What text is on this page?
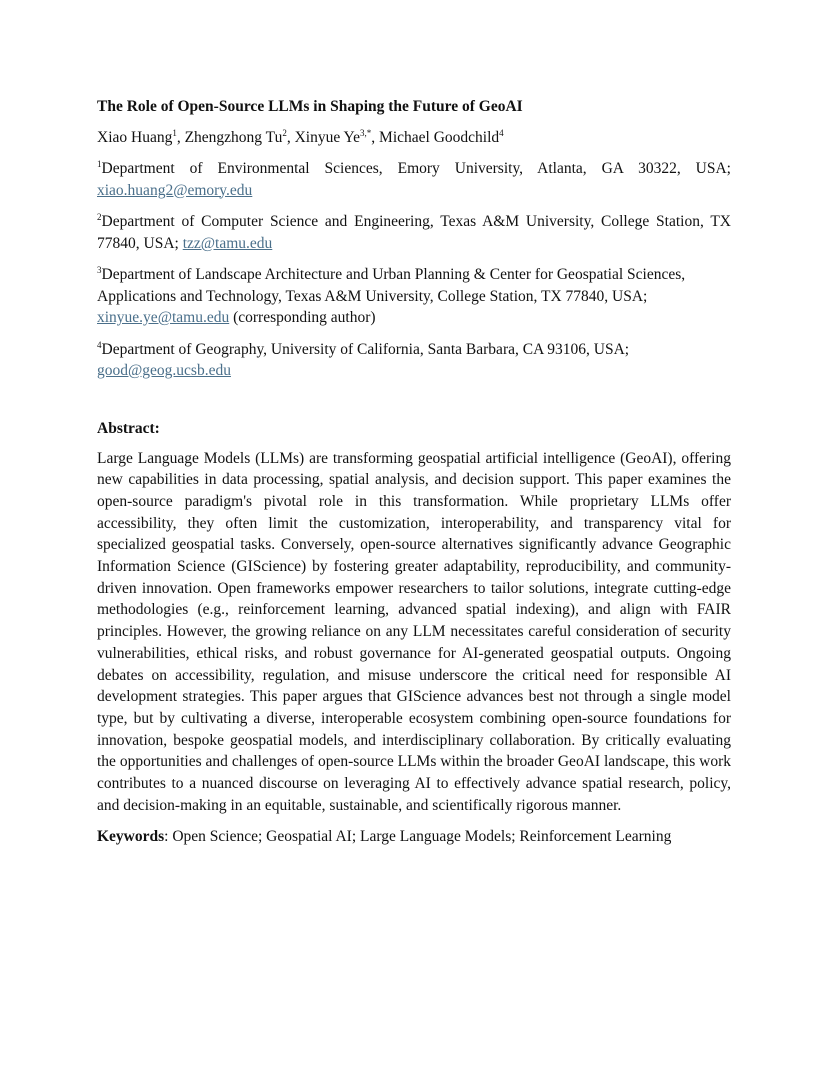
The Role of Open-Source LLMs in Shaping the Future of GeoAI

Xiao Huang$^1$, Zhengzhong Tu$^2$, Xinyue $Ye^{3,*}$, Michael Goodchild$^4$

$^1$Department of Environmental Sciences, Emory University, Atlanta, GA 30322, USA; xiao.huang2@emory.edu

$^2$Department of Computer Science and Engineering, Texas A&M University, College Station, TX 77840, USA; tzz@tamu.edu

$^3$Department of Landscape Architecture and Urban Planning & Center for Geospatial Sciences, Applications and Technology, Texas A&M University, College Station, TX 77840, USA; xinyue.ye@tamu.edu (corresponding author)

$^4$Department of Geography, University of California, Santa Barbara, CA 93106, USA; good@geog.ucsb.edu

Abstract:

Large Language Models (LLMs) are transforming geospatial artificial intelligence (GeoAI), offering new capabilities in data processing, spatial analysis, and decision support. This paper examines the open-source paradigm's pivotal role in this transformation. While proprietary LLMs offer accessibility, they often limit the customization, interoperability, and transparency vital for specialized geospatial tasks. Conversely, open-source alternatives significantly advance Geographic Information Science (GIScience) by fostering greater adaptability, reproducibility, and community-driven innovation. Open frameworks empower researchers to tailor solutions, integrate cutting-edge methodologies (e.g., reinforcement learning, advanced spatial indexing), and align with FAIR principles. However, the growing reliance on any LLM necessitates careful consideration of security vulnerabilities, ethical risks, and robust governance for AI-generated geospatial outputs. Ongoing debates on accessibility, regulation, and misuse underscore the critical need for responsible AI development strategies. This paper argues that GIScience advances best not through a single model type, but by cultivating a diverse, interoperable ecosystem combining open-source foundations for innovation, bespoke geospatial models, and interdisciplinary collaboration. By critically evaluating the opportunities and challenges of open-source LLMs within the broader GeoAI landscape, this work contributes to a nuanced discourse on leveraging AI to effectively advance spatial research, policy, and decision-making in an equitable, sustainable, and scientifically rigorous manner.

Keywords: Open Science; Geospatial AI; Large Language Models; Reinforcement Learning
